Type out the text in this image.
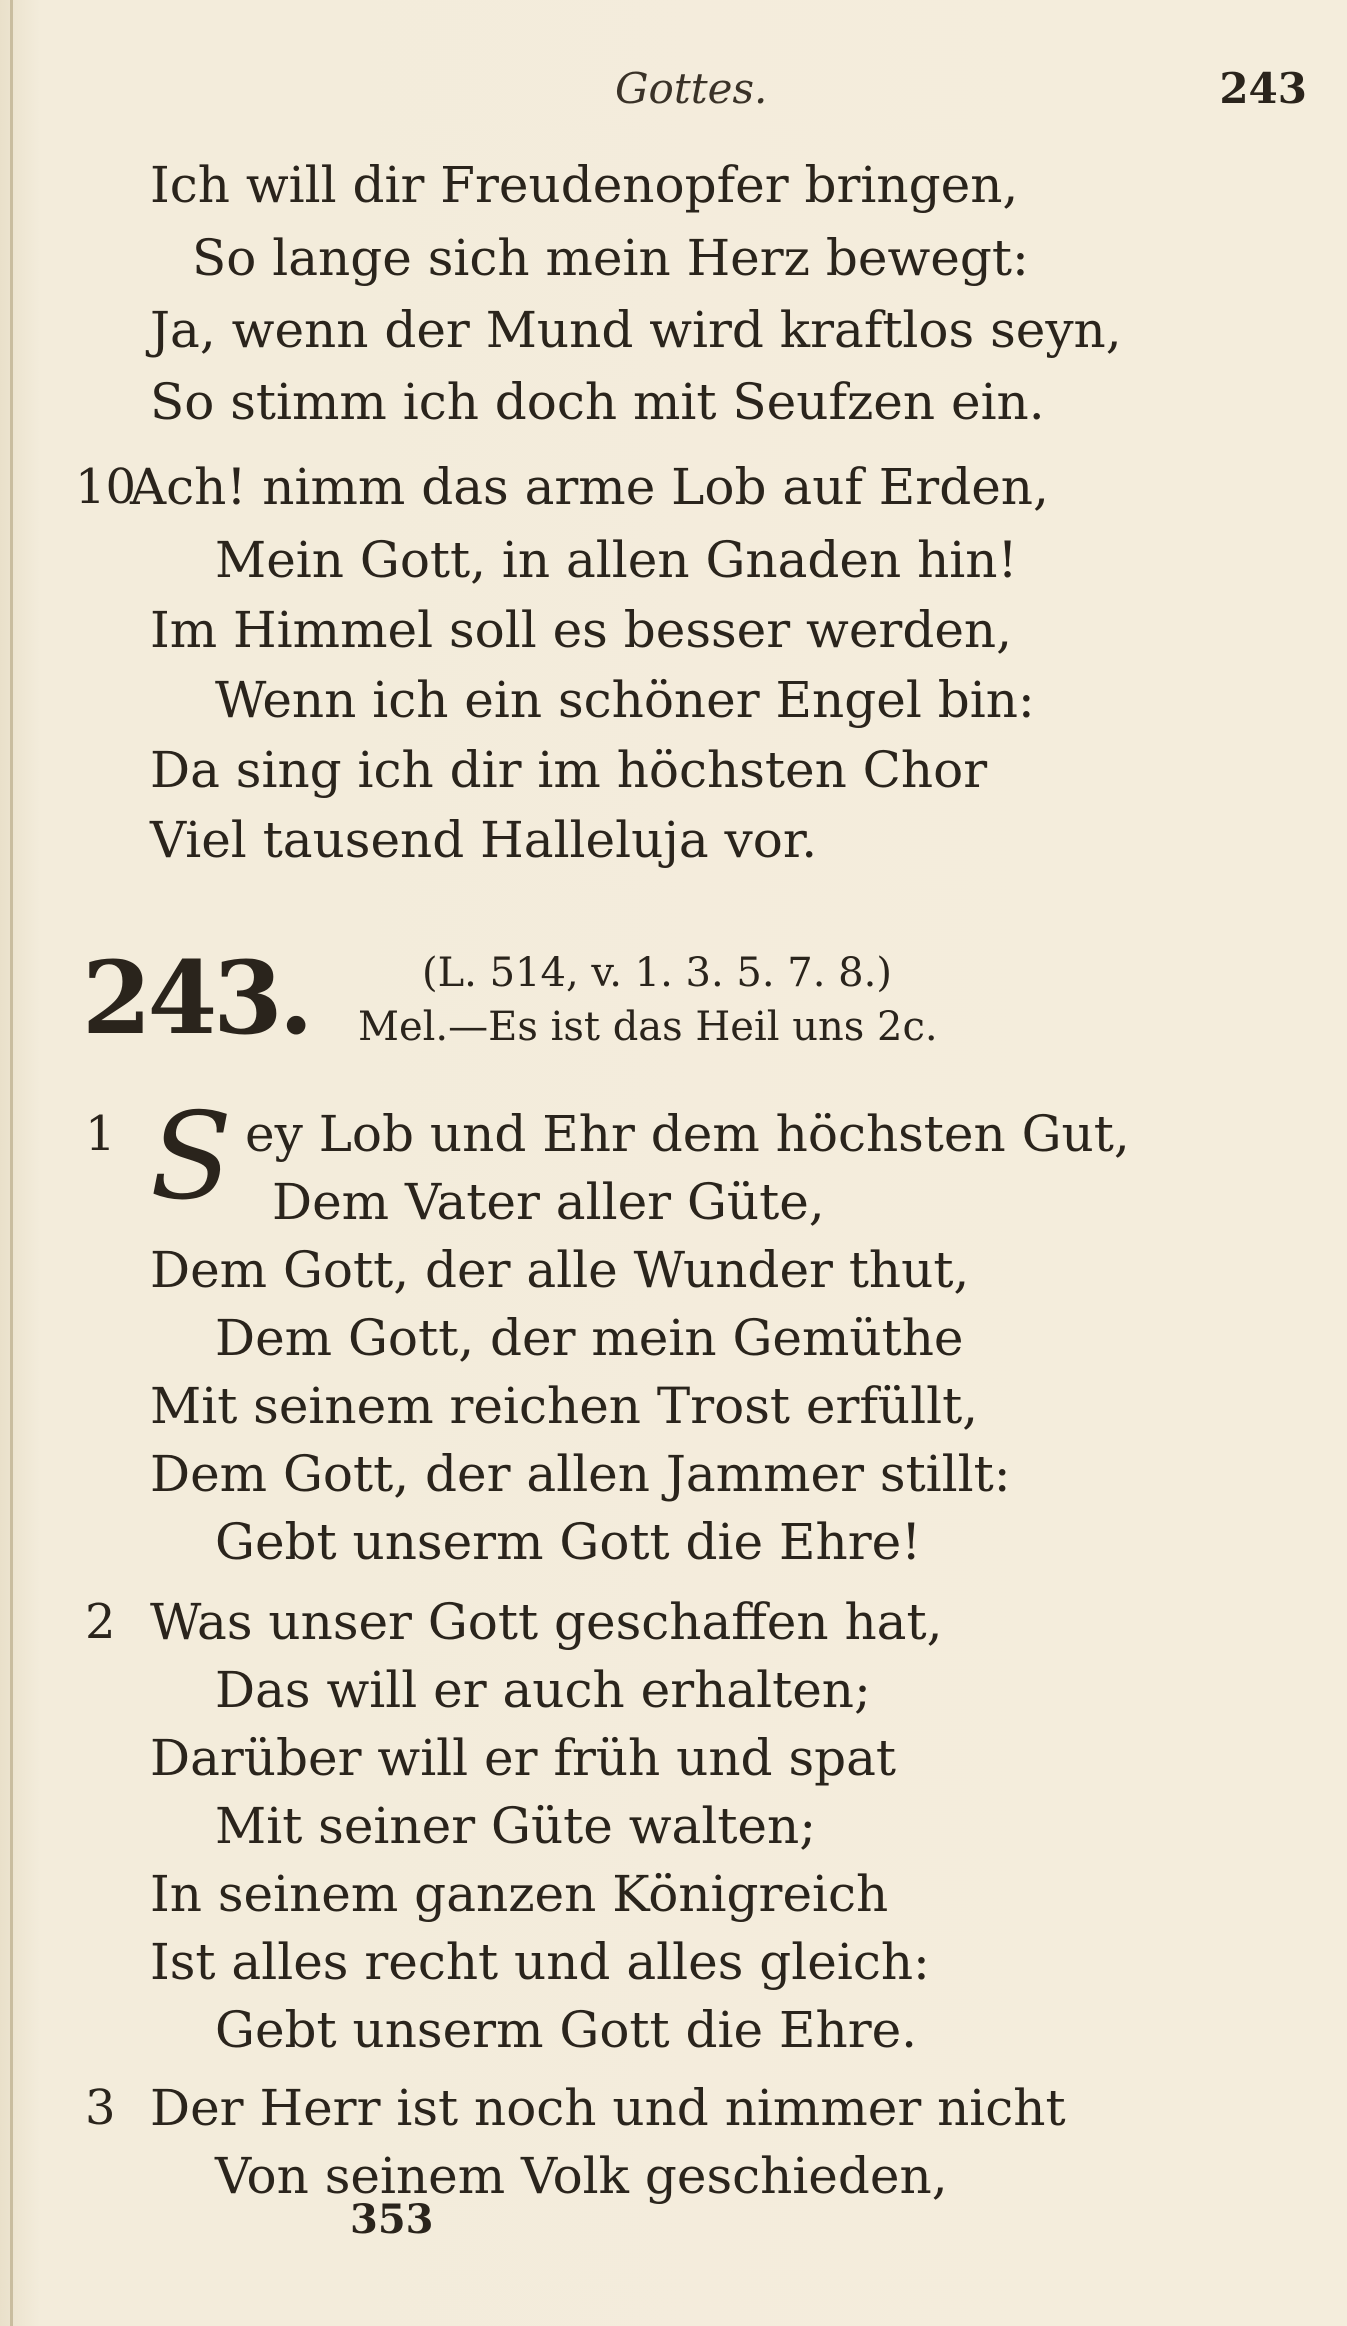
Gottes.	243
Ich will dir Freudenopfer bringen,
So lange sich mein Herz bewegt:
Ja, wenn der Mund wird kraftlos seyn,
So stimm ich doch mit Seufzen ein.
10
Ach! nimm das arme Lob auf Erden,
Mein Gott, in allen Gnaden hin!
Im Himmel soll es besser werden,
Wenn ich ein schöner Engel bin:
Da sing ich dir im höchsten Chor
Viel tausend Halleluja vor.
243.	(L. 514, v. 1. 3. 5. 7. 8.)
Mel.—Es ist das Heil uns 2c.
1 S ey Lob und Ehr dem höchsten Gut,
Dem Vater aller Güte,
Dem Gott, der alle Wunder thut,
Dem Gott, der mein Gemüthe
Mit seinem reichen Trost erfüllt,
Dem Gott, der allen Jammer stillt:
Gebt unserm Gott die Ehre!
2 Was unser Gott geschaffen hat,
Das will er auch erhalten;
Darüber will er früh und spat
Mit seiner Güte walten;
In seinem ganzen Königreich
Ist alles recht und alles gleich:
Gebt unserm Gott die Ehre.
3 Der Herr ist noch und nimmer nicht
Von seinem Volk geschieden,
353
